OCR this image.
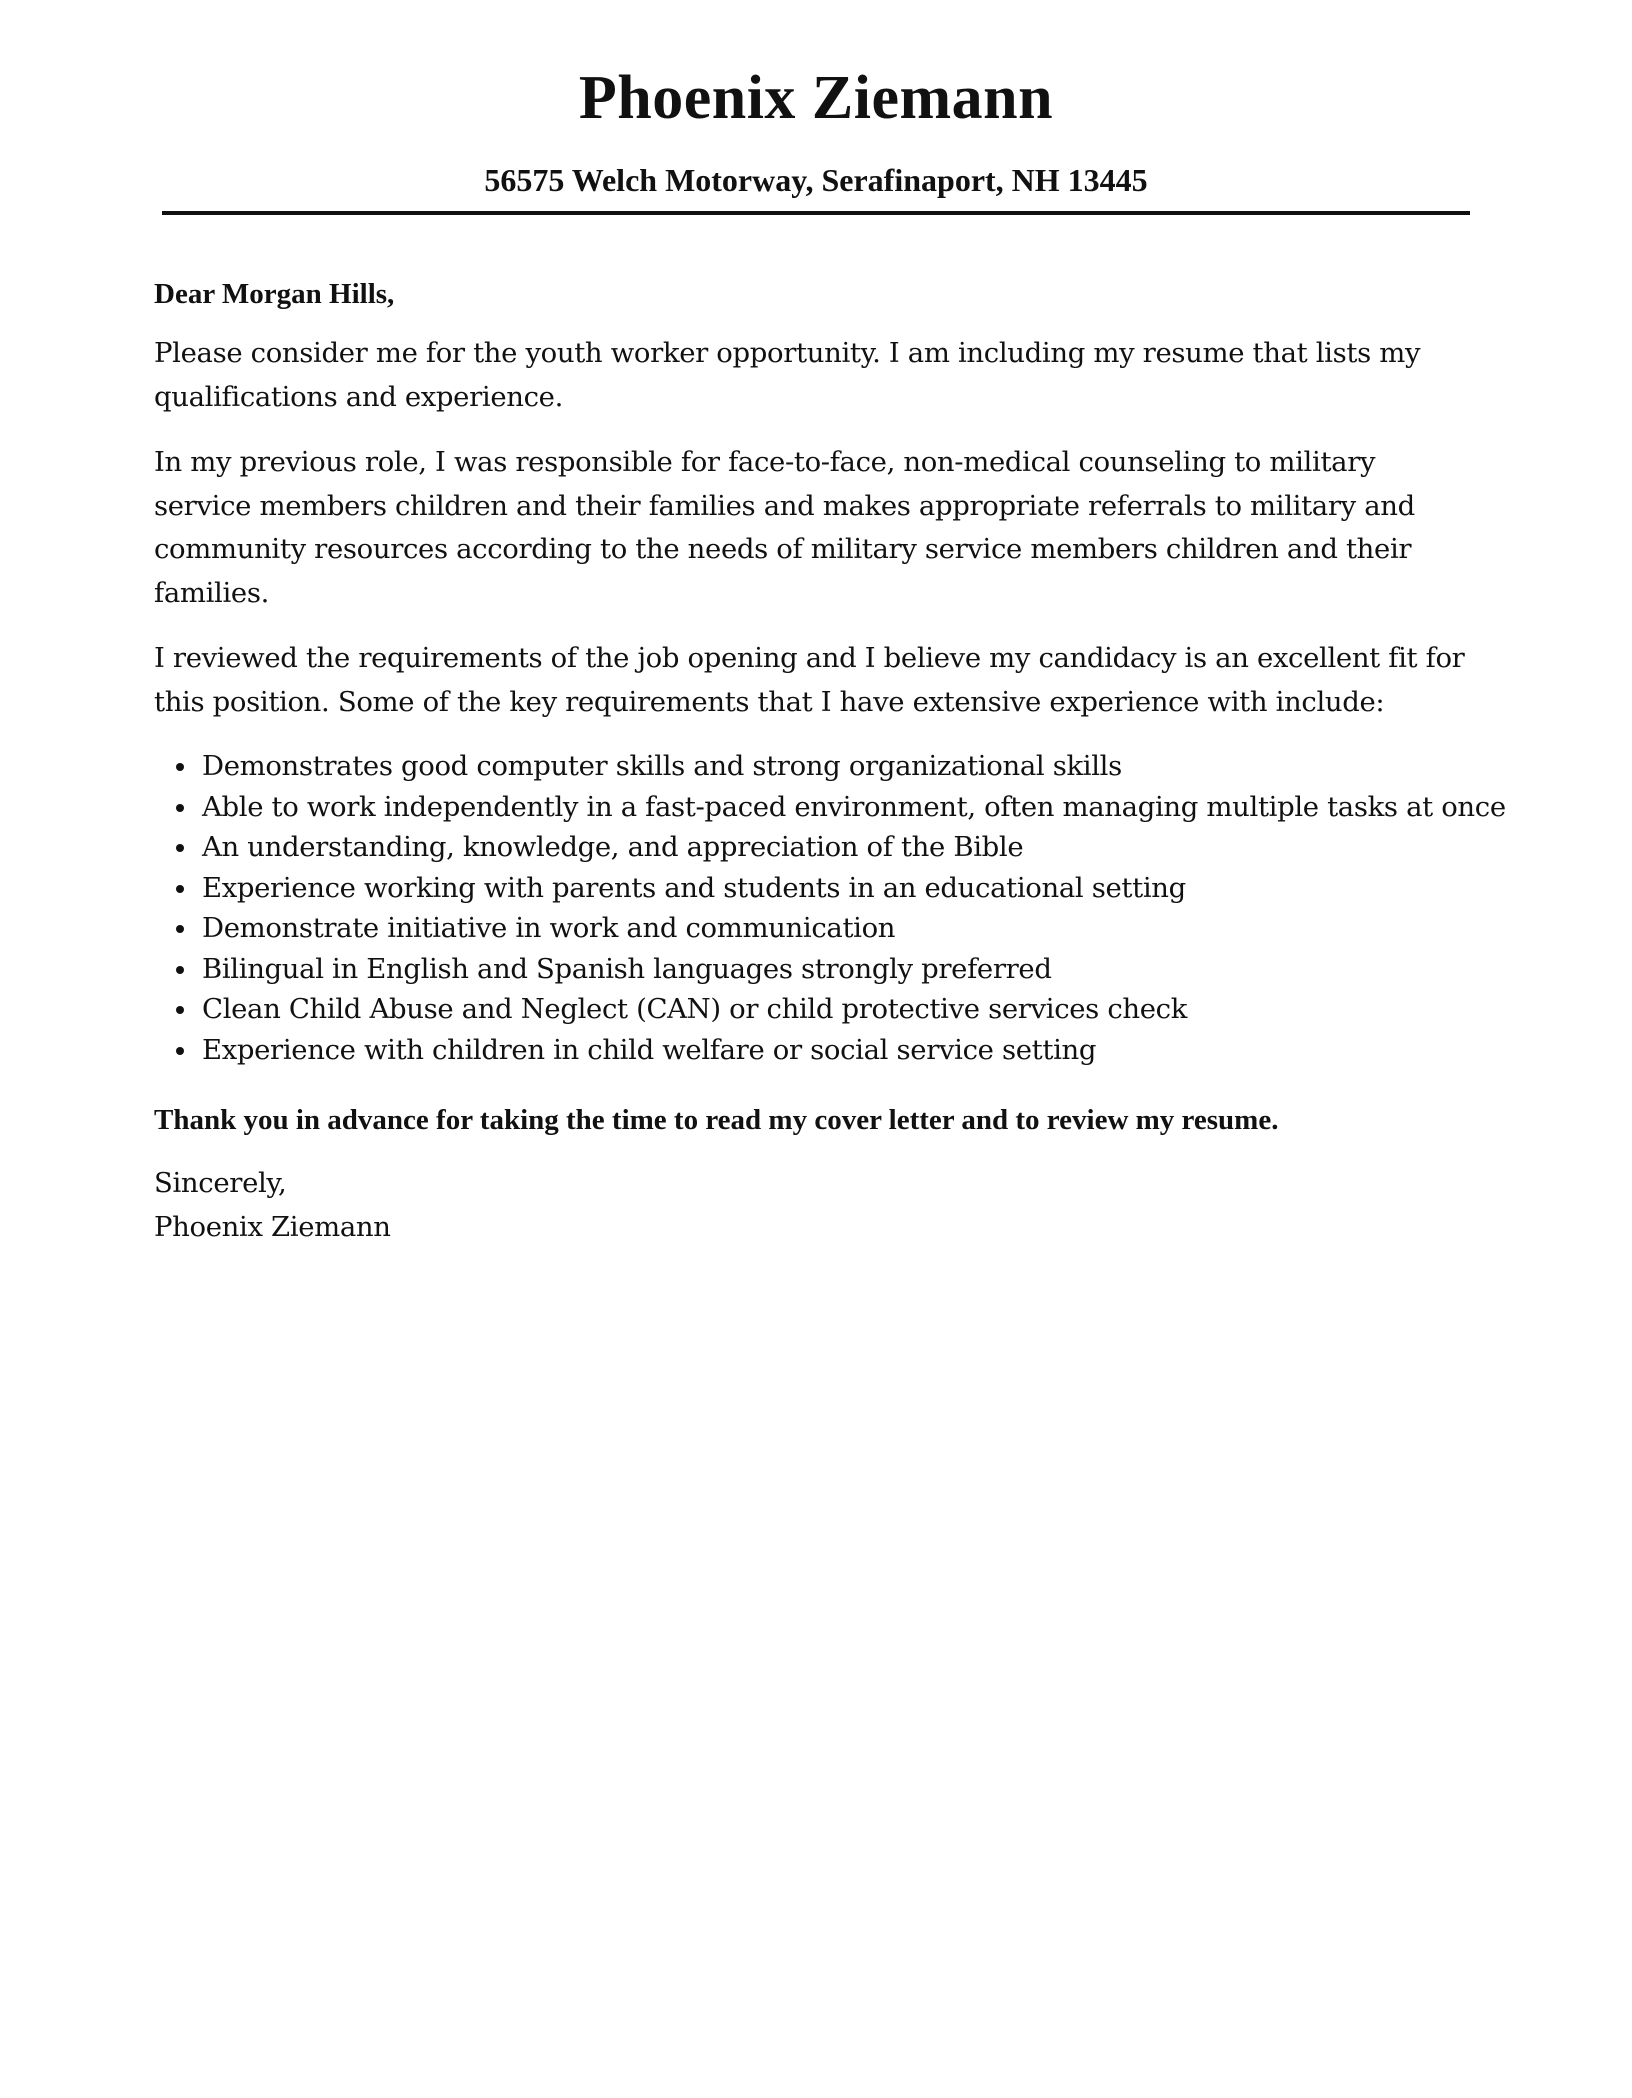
Phoenix Ziemann

56575 Welch Motorway, Serafinaport, NH 13445

Dear Morgan Hills,

Please consider me for the youth worker opportunity. I am including my resume that lists my qualifications and experience.

In my previous role, I was responsible for face-to-face, non-medical counseling to military service members children and their families and makes appropriate referrals to military and community resources according to the needs of military service members children and their families.

I reviewed the requirements of the job opening and I believe my candidacy is an excellent fit for this position. Some of the key requirements that I have extensive experience with include:

Demonstrates good computer skills and strong organizational skills
Able to work independently in a fast-paced environment, often managing multiple tasks at once
An understanding, knowledge, and appreciation of the Bible
Experience working with parents and students in an educational setting
Demonstrate initiative in work and communication
Bilingual in English and Spanish languages strongly preferred
Clean Child Abuse and Neglect (CAN) or child protective services check
Experience with children in child welfare or social service setting

Thank you in advance for taking the time to read my cover letter and to review my resume.

Sincerely,

Phoenix Ziemann
